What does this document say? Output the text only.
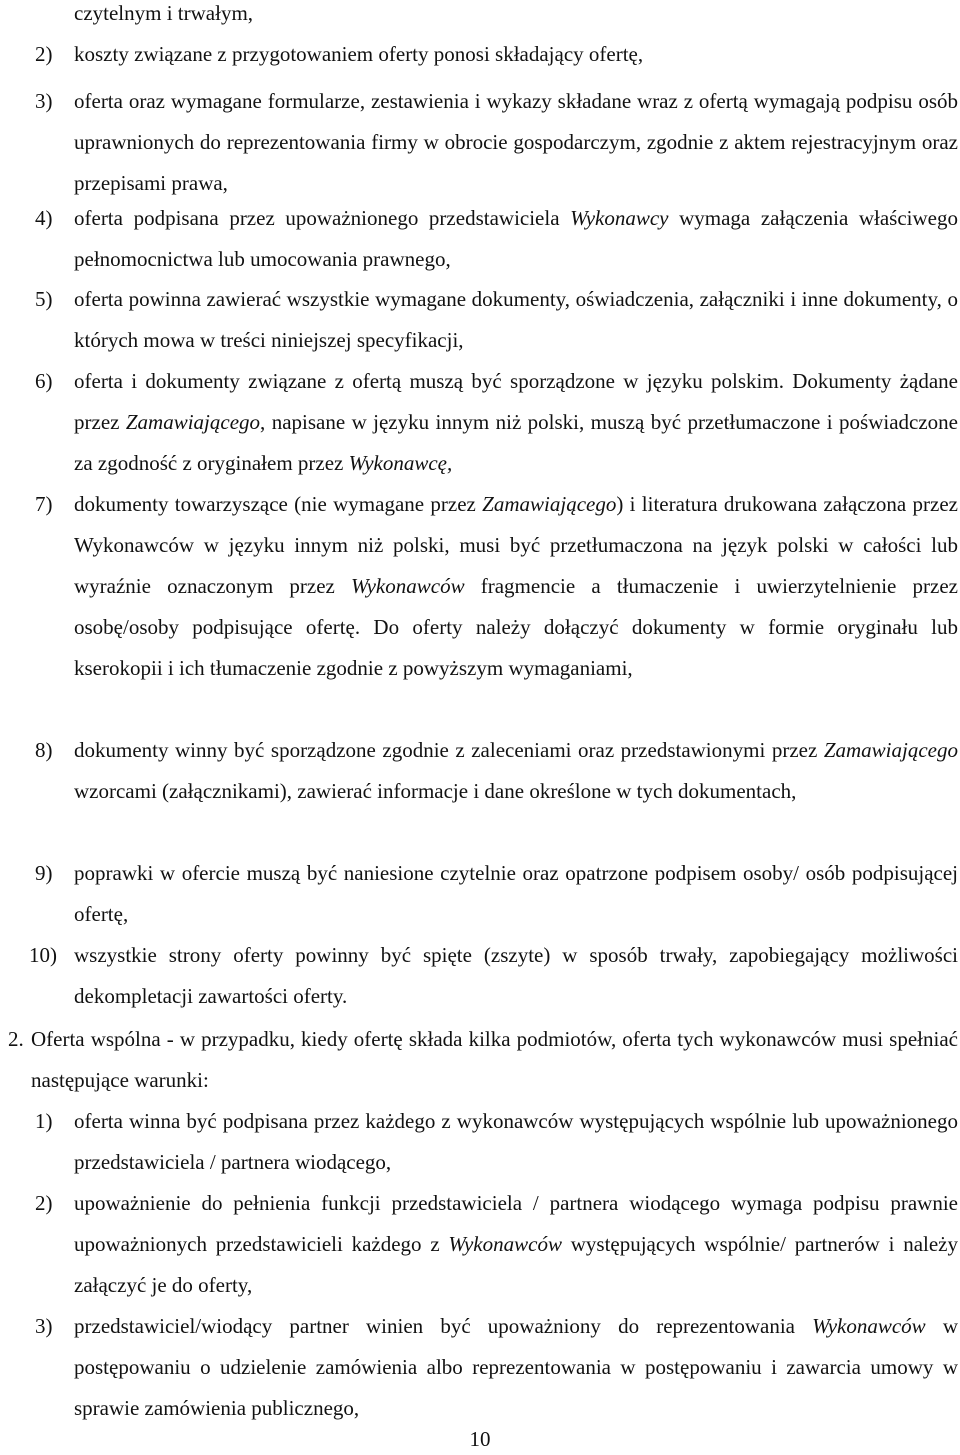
czytelnym i trwałym,
2) koszty związane z przygotowaniem oferty ponosi składający ofertę,
3) oferta oraz wymagane formularze, zestawienia i wykazy składane wraz z ofertą wymagają podpisu osób uprawnionych do reprezentowania firmy w obrocie gospodarczym, zgodnie z aktem rejestracyjnym oraz przepisami prawa,
4) oferta podpisana przez upoważnionego przedstawiciela Wykonawcy wymaga załączenia właściwego pełnomocnictwa lub umocowania prawnego,
5) oferta powinna zawierać wszystkie wymagane dokumenty, oświadczenia, załączniki i inne dokumenty, o których mowa w treści niniejszej specyfikacji,
6) oferta i dokumenty związane z ofertą muszą być sporządzone w języku polskim. Dokumenty żądane przez Zamawiającego, napisane w języku innym niż polski, muszą być przetłumaczone i poświadczone za zgodność z oryginałem przez Wykonawcę,
7) dokumenty towarzyszące (nie wymagane przez Zamawiającego) i literatura drukowana załączona przez Wykonawców w języku innym niż polski, musi być przetłumaczona na język polski w całości lub wyraźnie oznaczonym przez Wykonawców fragmencie a tłumaczenie i uwierzytelnienie przez osobę/osoby podpisujące ofertę. Do oferty należy dołączyć dokumenty w formie oryginału lub kserokopii i ich tłumaczenie zgodnie z powyższym wymaganiami,
8) dokumenty winny być sporządzone zgodnie z zaleceniami oraz przedstawionymi przez Zamawiającego wzorcami (załącznikami), zawierać informacje i dane określone w tych dokumentach,
9) poprawki w ofercie muszą być naniesione czytelnie oraz opatrzone podpisem osoby/ osób podpisującej ofertę,
10) wszystkie strony oferty powinny być spięte (zszyte) w sposób trwały, zapobiegający możliwości dekompletacji zawartości oferty.
2. Oferta wspólna - w przypadku, kiedy ofertę składa kilka podmiotów, oferta tych wykonawców musi spełniać następujące warunki:
1) oferta winna być podpisana przez każdego z wykonawców występujących wspólnie lub upoważnionego przedstawiciela / partnera wiodącego,
2) upoważnienie do pełnienia funkcji przedstawiciela / partnera wiodącego wymaga podpisu prawnie upoważnionych przedstawicieli każdego z Wykonawców występujących wspólnie/ partnerów i należy załączyć je do oferty,
3) przedstawiciel/wiodący partner winien być upoważniony do reprezentowania Wykonawców w postępowaniu o udzielenie zamówienia albo reprezentowania w postępowaniu i zawarcia umowy w sprawie zamówienia publicznego,
10
